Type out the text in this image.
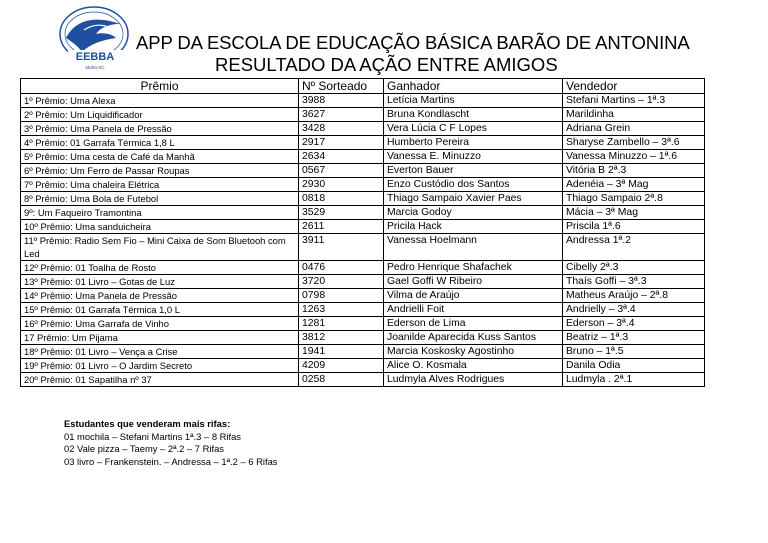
EEBBA
Mafra-SC
APP DA ESCOLA DE EDUCAÇÃO BÁSICA BARÃO DE ANTONINA
RESULTADO DA AÇÃO ENTRE AMIGOS
Prêmio	Nº Sorteado	Ganhador	Vendedor
1º Prêmio: Uma Alexa	3988	Letícia Martins	Stefani Martins – 1ª.3
2º Prêmio: Um Liquidificador	3627	Bruna Kondlascht	Marildinha
3º Prêmio: Uma Panela de Pressão	3428	Vera Lúcia C F Lopes	Adriana Grein
4º Prêmio: 01 Garrafa Térmica 1,8 L	2917	Humberto Pereira	Sharyse Zambello – 3ª.6
5º Prêmio: Uma cesta de Café da Manhã	2634	Vanessa E. Minuzzo	Vanessa Minuzzo – 1ª.6
6º Prêmio: Um Ferro de Passar Roupas	0567	Everton Bauer	Vitória B 2ª.3
7º Prêmio: Uma chaleira Elétrica	2930	Enzo Custódio dos Santos	Adenéia – 3ª Mag
8º Prêmio: Uma Bola de Futebol	0818	Thiago Sampaio Xavier Paes	Thiago Sampaio 2ª.8
9º: Um Faqueiro Tramontina	3529	Marcia Godoy	Mácia – 3ª Mag
10º Prêmio: Uma sanduicheira	2611	Pricila Hack	Priscila 1ª.6
11º Prêmio: Radio Sem Fio – Mini Caixa de Som Bluetooh com Led	3911	Vanessa Hoelmann	Andressa 1ª.2
12º Prêmio: 01 Toalha de Rosto	0476	Pedro Henrique Shafachek	Cibelly 2ª.3
13º Prêmio: 01 Livro – Gotas de Luz	3720	Gael Goffi W Ribeiro	Thaís Goffi – 3ª.3
14º Prêmio: Uma Panela de Pressão	0798	Vilma de Araújo	Matheus Araújo – 2ª.8
15º Prêmio: 01 Garrafa Térmica 1,0 L	1263	Andrielli Foit	Andrielly – 3ª.4
16º Prêmio: Uma Garrafa de Vinho	1281	Ederson de Lima	Ederson – 3ª.4
17 Prêmio: Um Pijama	3812	Joanilde Aparecida Kuss Santos	Beatriz – 1ª.3
18º Prêmio: 01 Livro – Vença a Crise	1941	Marcia Koskosky Agostinho	Bruno – 1ª.5
19º Prêmio: 01 Livro – O Jardim Secreto	4209	Alice O. Kosmala	Danila Odia
20º Prêmio: 01 Sapatilha nº 37	0258	Ludmyla Alves Rodrigues	Ludmyla . 2ª.1
Estudantes que venderam mais rifas:
01 mochila – Stefani Martins 1ª.3 – 8 Rifas
02 Vale pizza – Taemy – 2ª.2 – 7 Rifas
03 livro – Frankenstein. – Andressa – 1ª.2 – 6 Rifas
